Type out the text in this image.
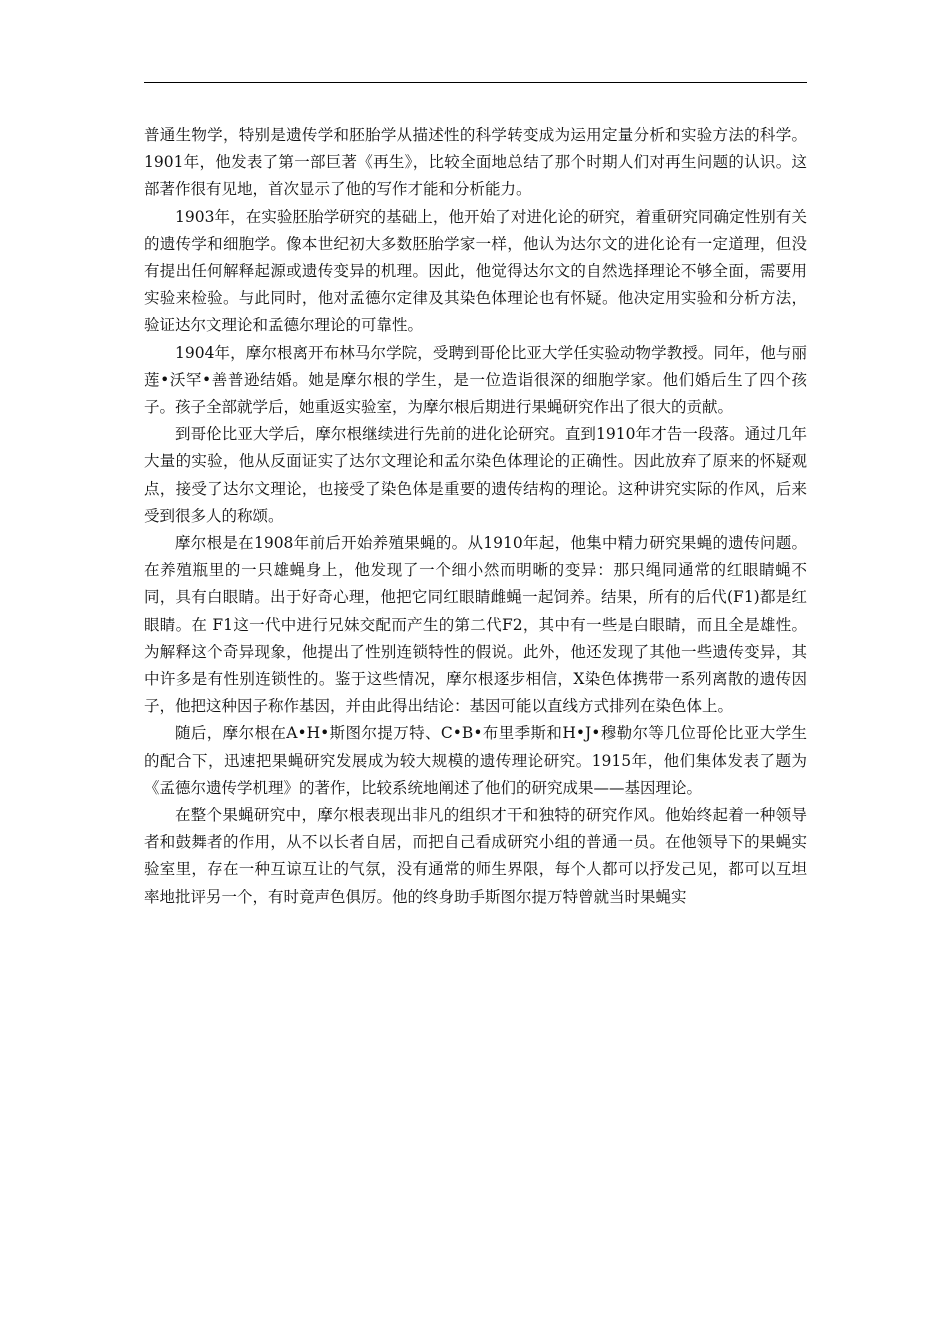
普通生物学，特别是遗传学和胚胎学从描述性的科学转变成为运用定量分析和实验方法的科学。1901年，他发表了第一部巨著《再生》，比较全面地总结了那个时期人们对再生问题的认识。这部著作很有见地，首次显示了他的写作才能和分析能力。

1903年，在实验胚胎学研究的基础上，他开始了对进化论的研究，着重研究同确定性别有关的遗传学和细胞学。像本世纪初大多数胚胎学家一样，他认为达尔文的进化论有一定道理，但没有提出任何解释起源或遗传变异的机理。因此，他觉得达尔文的自然选择理论不够全面，需要用实验来检验。与此同时，他对孟德尔定律及其染色体理论也有怀疑。他决定用实验和分析方法，验证达尔文理论和孟德尔理论的可靠性。

1904年，摩尔根离开布林马尔学院，受聘到哥伦比亚大学任实验动物学教授。同年，他与丽莲•沃罕•善普逊结婚。她是摩尔根的学生，是一位造诣很深的细胞学家。他们婚后生了四个孩子。孩子全部就学后，她重返实验室，为摩尔根后期进行果蝇研究作出了很大的贡献。

到哥伦比亚大学后，摩尔根继续进行先前的进化论研究。直到1910年才告一段落。通过几年大量的实验，他从反面证实了达尔文理论和孟尔染色体理论的正确性。因此放弃了原来的怀疑观点，接受了达尔文理论，也接受了染色体是重要的遗传结构的理论。这种讲究实际的作风，后来受到很多人的称颂。

摩尔根是在1908年前后开始养殖果蝇的。从1910年起，他集中精力研究果蝇的遗传问题。在养殖瓶里的一只雄蝇身上，他发现了一个细小然而明晰的变异：那只绳同通常的红眼睛蝇不同，具有白眼睛。出于好奇心理，他把它同红眼睛雌蝇一起饲养。结果，所有的后代(F1)都是红眼睛。在 F1这一代中进行兄妹交配而产生的第二代F2，其中有一些是白眼睛，而且全是雄性。为解释这个奇异现象，他提出了性别连锁特性的假说。此外，他还发现了其他一些遗传变异，其中许多是有性别连锁性的。鉴于这些情况，摩尔根逐步相信，X染色体携带一系列离散的遗传因子，他把这种因子称作基因，并由此得出结论：基因可能以直线方式排列在染色体上。

随后，摩尔根在A•H•斯图尔提万特、C•B•布里季斯和H•J•穆勒尔等几位哥伦比亚大学生的配合下，迅速把果蝇研究发展成为较大规模的遗传理论研究。1915年，他们集体发表了题为《孟德尔遗传学机理》的著作，比较系统地阐述了他们的研究成果——基因理论。

在整个果蝇研究中，摩尔根表现出非凡的组织才干和独特的研究作风。他始终起着一种领导者和鼓舞者的作用，从不以长者自居，而把自己看成研究小组的普通一员。在他领导下的果蝇实验室里，存在一种互谅互让的气氛，没有通常的师生界限，每个人都可以抒发己见，都可以互坦率地批评另一个，有时竟声色俱厉。他的终身助手斯图尔提万特曾就当时果蝇实
